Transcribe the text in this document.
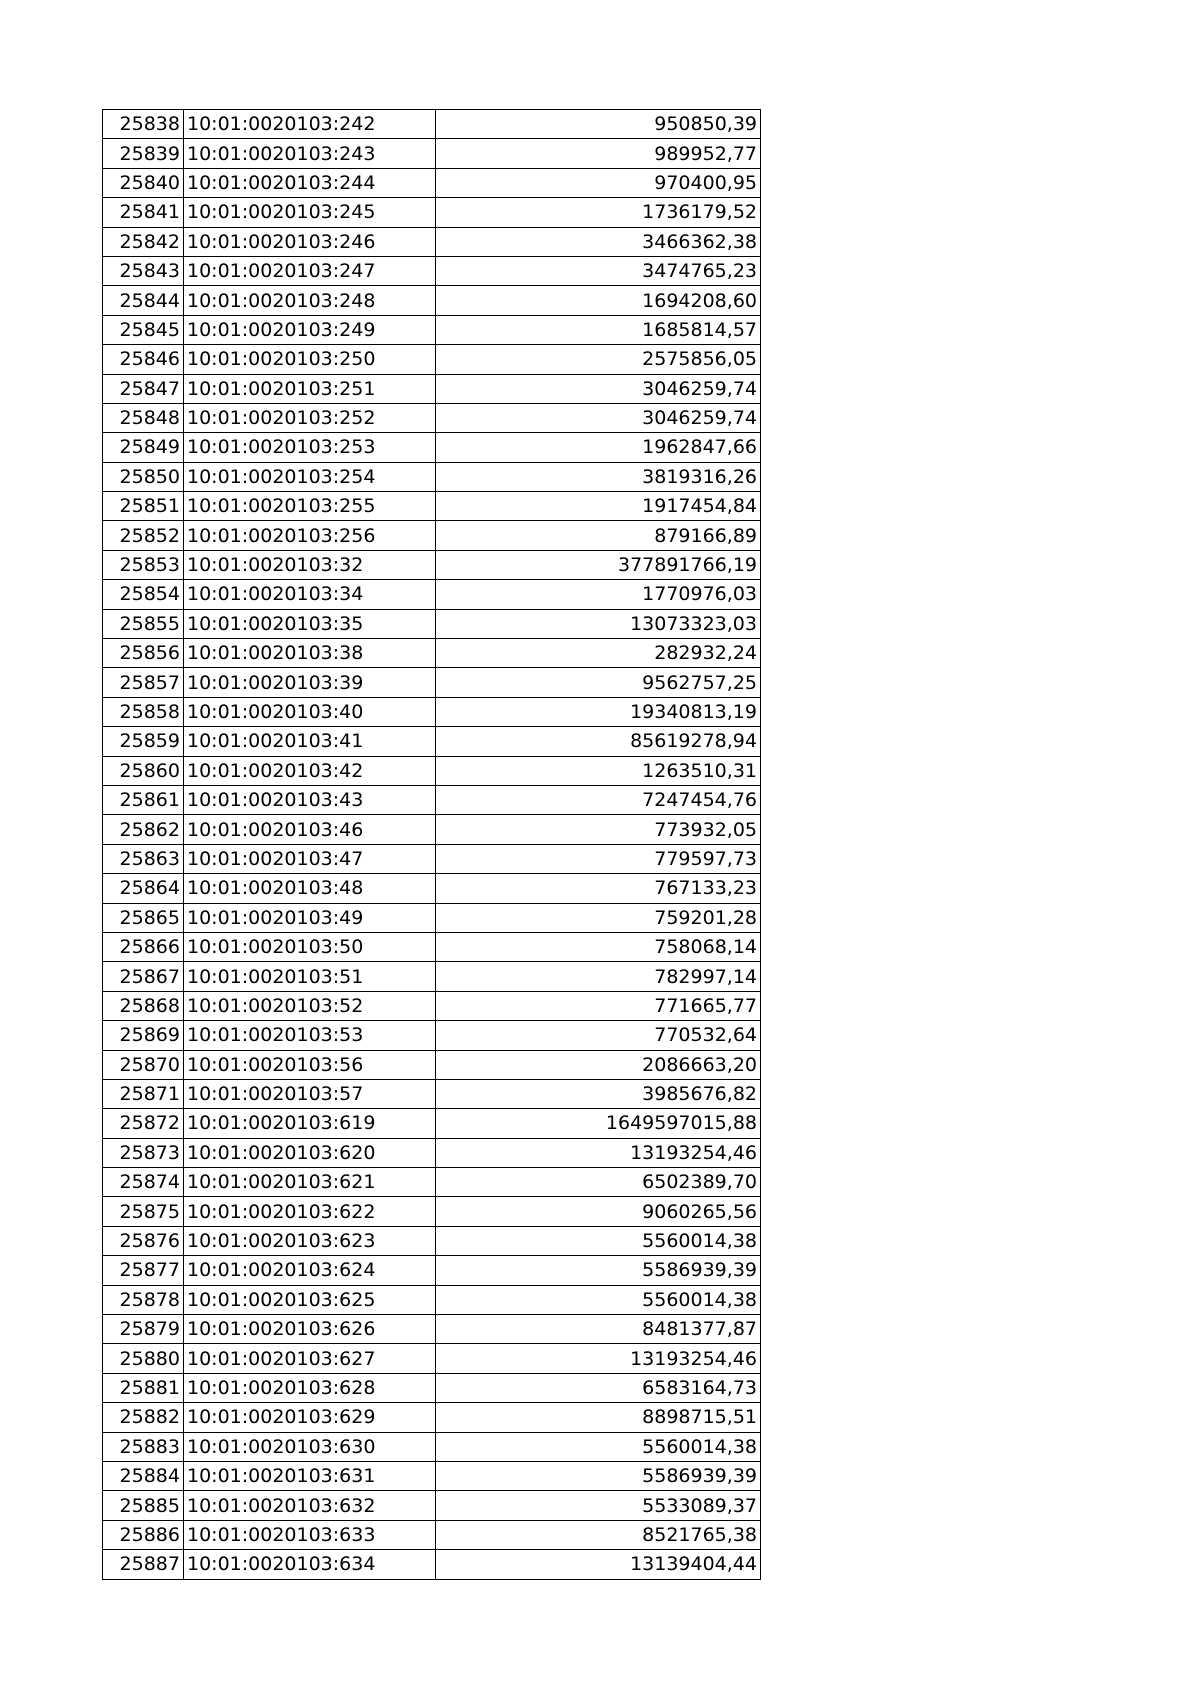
25838	10:01:0020103:242	950850,39
25839	10:01:0020103:243	989952,77
25840	10:01:0020103:244	970400,95
25841	10:01:0020103:245	1736179,52
25842	10:01:0020103:246	3466362,38
25843	10:01:0020103:247	3474765,23
25844	10:01:0020103:248	1694208,60
25845	10:01:0020103:249	1685814,57
25846	10:01:0020103:250	2575856,05
25847	10:01:0020103:251	3046259,74
25848	10:01:0020103:252	3046259,74
25849	10:01:0020103:253	1962847,66
25850	10:01:0020103:254	3819316,26
25851	10:01:0020103:255	1917454,84
25852	10:01:0020103:256	879166,89
25853	10:01:0020103:32	377891766,19
25854	10:01:0020103:34	1770976,03
25855	10:01:0020103:35	13073323,03
25856	10:01:0020103:38	282932,24
25857	10:01:0020103:39	9562757,25
25858	10:01:0020103:40	19340813,19
25859	10:01:0020103:41	85619278,94
25860	10:01:0020103:42	1263510,31
25861	10:01:0020103:43	7247454,76
25862	10:01:0020103:46	773932,05
25863	10:01:0020103:47	779597,73
25864	10:01:0020103:48	767133,23
25865	10:01:0020103:49	759201,28
25866	10:01:0020103:50	758068,14
25867	10:01:0020103:51	782997,14
25868	10:01:0020103:52	771665,77
25869	10:01:0020103:53	770532,64
25870	10:01:0020103:56	2086663,20
25871	10:01:0020103:57	3985676,82
25872	10:01:0020103:619	1649597015,88
25873	10:01:0020103:620	13193254,46
25874	10:01:0020103:621	6502389,70
25875	10:01:0020103:622	9060265,56
25876	10:01:0020103:623	5560014,38
25877	10:01:0020103:624	5586939,39
25878	10:01:0020103:625	5560014,38
25879	10:01:0020103:626	8481377,87
25880	10:01:0020103:627	13193254,46
25881	10:01:0020103:628	6583164,73
25882	10:01:0020103:629	8898715,51
25883	10:01:0020103:630	5560014,38
25884	10:01:0020103:631	5586939,39
25885	10:01:0020103:632	5533089,37
25886	10:01:0020103:633	8521765,38
25887	10:01:0020103:634	13139404,44
